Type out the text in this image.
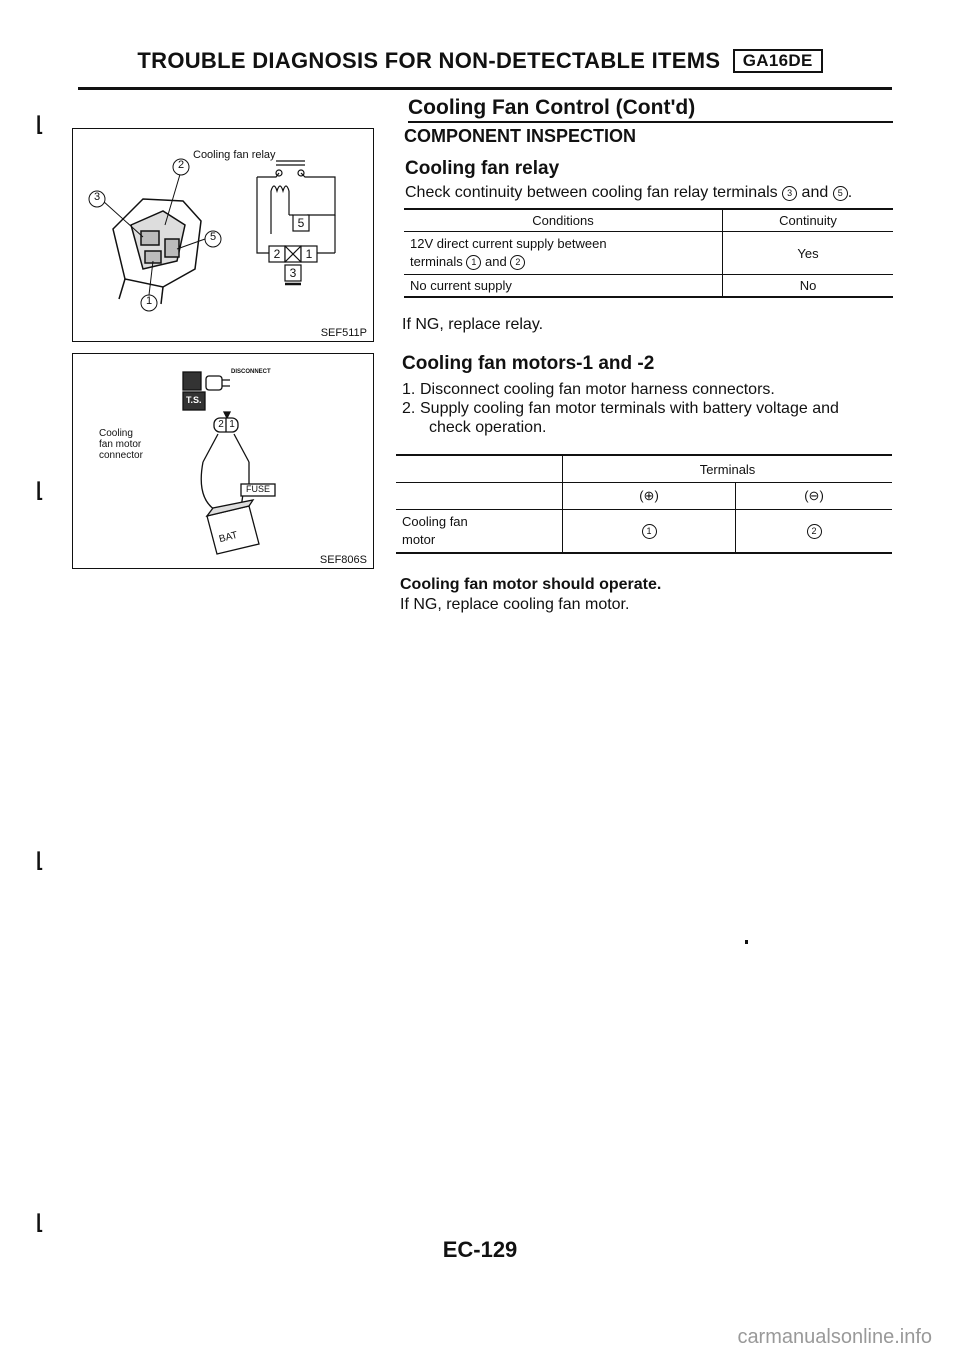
TROUBLE DIAGNOSIS FOR NON-DETECTABLE ITEMS GA16DE
Cooling Fan Control (Cont'd)
COMPONENT INSPECTION
⌊
⌊
⌊
⌊
Cooling fan relay
2
3
5
1
5
2	1
3
SEF511P
Cooling
fan motor
connector
DISCONNECT
T.S.
2 1
FUSE
BAT
SEF806S
Cooling fan relay
Check continuity between cooling fan relay terminals 3 and 5 .
Conditions	Continuity

12V direct current supply between
terminals 1 and 2	Yes
No current supply	No
If NG, replace relay.
Cooling fan motors-1 and -2
1. Disconnect cooling fan motor harness connectors.
2. Supply cooling fan motor terminals with battery voltage and
check operation.
	Terminals	
	(⊕)	(⊖)

Cooling fan
motor	1	2
Cooling fan motor should operate.
If NG, replace cooling fan motor.
EC-129
carmanualsonline.info
